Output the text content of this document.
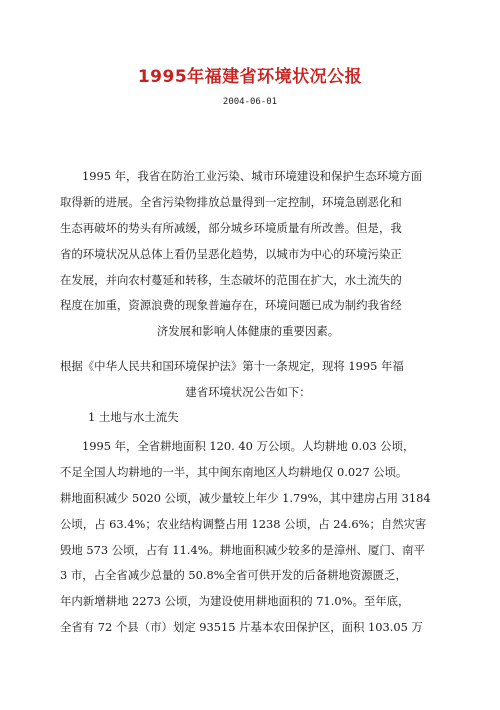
1995年福建省环境状况公报
2004-06-01
1995 年，我省在防治工业污染、城市环境建设和保护生态环境方面
取得新的进展。全省污染物排放总量得到一定控制，环境急剧恶化和
生态再破坏的势头有所减缓，部分城乡环境质量有所改善。但是，我
省的环境状况从总体上看仍呈恶化趋势，以城市为中心的环境污染正
在发展，并向农村蔓延和转移，生态破坏的范围在扩大，水土流失的
程度在加重，资源浪费的现象普遍存在，环境问题已成为制约我省经
济发展和影响人体健康的重要因素。
根据《中华人民共和国环境保护法》第十一条规定，现将 1995 年福
建省环境状况公告如下：
1 土地与水土流失
1995 年，全省耕地面积 120. 40 万公顷。人均耕地 0.03 公顷，
不足全国人均耕地的一半，其中闽东南地区人均耕地仅 0.027 公顷。
耕地面积减少 5020 公顷，减少量较上年少 1.79%，其中建房占用 3184
公顷，占 63.4%；农业结构调整占用 1238 公顷，占 24.6%；自然灾害
毁地 573 公顷，占有 11.4%。耕地面积减少较多的是漳州、厦门、南平
3 市，占全省减少总量的 50.8%全省可供开发的后备耕地资源匮乏，
年内新增耕地 2273 公顷，为建设使用耕地面积的 71.0%。至年底，
全省有 72 个县（市）划定 93515 片基本农田保护区，面积 103.05 万
